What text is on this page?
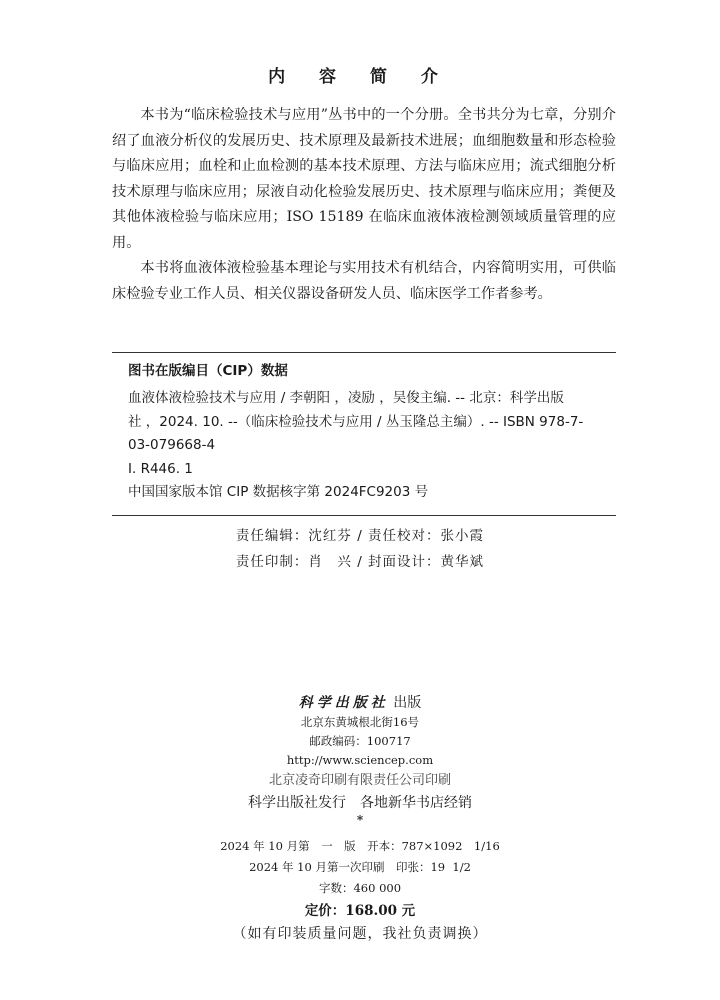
内 容 简 介

本书为“临床检验技术与应用”丛书中的一个分册。全书共分为七章，分别介绍了血液分析仪的发展历史、技术原理及最新技术进展；血细胞数量和形态检验与临床应用；血栓和止血检测的基本技术原理、方法与临床应用；流式细胞分析技术原理与临床应用；尿液自动化检验发展历史、技术原理与临床应用；粪便及其他体液检验与临床应用；ISO 15189 在临床血液体液检测领域质量管理的应用。

本书将血液体液检验基本理论与实用技术有机结合，内容简明实用，可供临床检验专业工作人员、相关仪器设备研发人员、临床医学工作者参考。

图书在版编目（CIP）数据
血液体液检验技术与应用 / 李朝阳 ，凌励 ，吴俊主编. -- 北京：科学出版
社 ，2024. 10. --（临床检验技术与应用 / 丛玉隆总主编）. -- ISBN 978-7-
03-079668-4
Ⅰ. R446. 1
中国国家版本馆 CIP 数据核字第 2024FC9203 号
责任编辑：沈红芬 / 责任校对：张小霞
责任印制：肖　兴 / 封面设计：黄华斌
科学出版社 出版
北京东黄城根北街16号
邮政编码：100717
http://www.sciencep.com
北京凌奇印刷有限责任公司印刷
科学出版社发行　各地新华书店经销
*
2024 年 10 月第　一　版　开本：787×1092　1/16
2024 年 10 月第一次印刷　印张：19  1/2
字数：460 000
定价：168.00 元
（如有印装质量问题，我社负责调换）
